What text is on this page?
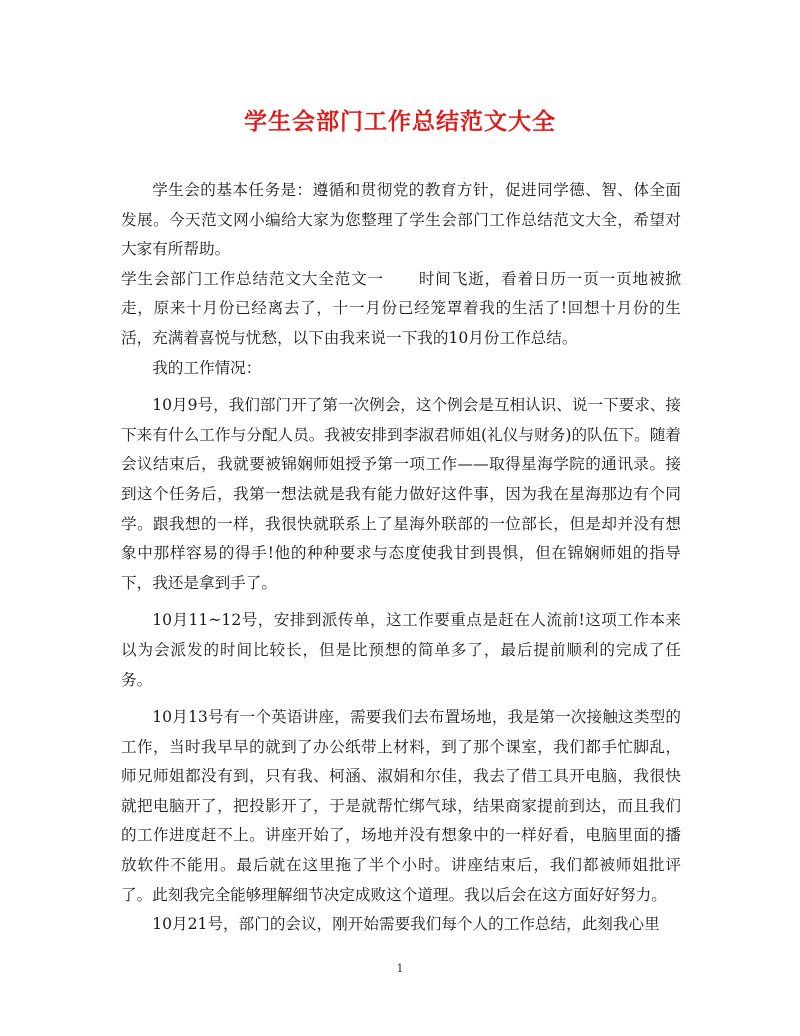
学生会部门工作总结范文大全

学生会的基本任务是：遵循和贯彻党的教育方针，促进同学德、智、体全面发展。今天范文网小编给大家为您整理了学生会部门工作总结范文大全，希望对大家有所帮助。

学生会部门工作总结范文大全范文一 时间飞逝，看着日历一页一页地被掀走，原来十月份已经离去了，十一月份已经笼罩着我的生活了!回想十月份的生活，充满着喜悦与忧愁，以下由我来说一下我的10月份工作总结。

我的工作情况：

10月9号，我们部门开了第一次例会，这个例会是互相认识、说一下要求、接下来有什么工作与分配人员。我被安排到李淑君师姐(礼仪与财务)的队伍下。随着会议结束后，我就要被锦娴师姐授予第一项工作——取得星海学院的通讯录。接到这个任务后，我第一想法就是我有能力做好这件事，因为我在星海那边有个同学。跟我想的一样，我很快就联系上了星海外联部的一位部长，但是却并没有想象中那样容易的得手!他的种种要求与态度使我甘到畏惧，但在锦娴师姐的指导下，我还是拿到手了。

10月11~12号，安排到派传单，这工作要重点是赶在人流前!这项工作本来以为会派发的时间比较长，但是比预想的简单多了，最后提前顺利的完成了任务。

10月13号有一个英语讲座，需要我们去布置场地，我是第一次接触这类型的工作，当时我早早的就到了办公纸带上材料，到了那个课室，我们都手忙脚乱，师兄师姐都没有到，只有我、柯涵、淑娟和尔佳，我去了借工具开电脑，我很快就把电脑开了，把投影开了，于是就帮忙绑气球，结果商家提前到达，而且我们的工作进度赶不上。讲座开始了，场地并没有想象中的一样好看，电脑里面的播放软件不能用。最后就在这里拖了半个小时。讲座结束后，我们都被师姐批评了。此刻我完全能够理解细节决定成败这个道理。我以后会在这方面好好努力。

10月21号，部门的会议，刚开始需要我们每个人的工作总结，此刻我心里

1
